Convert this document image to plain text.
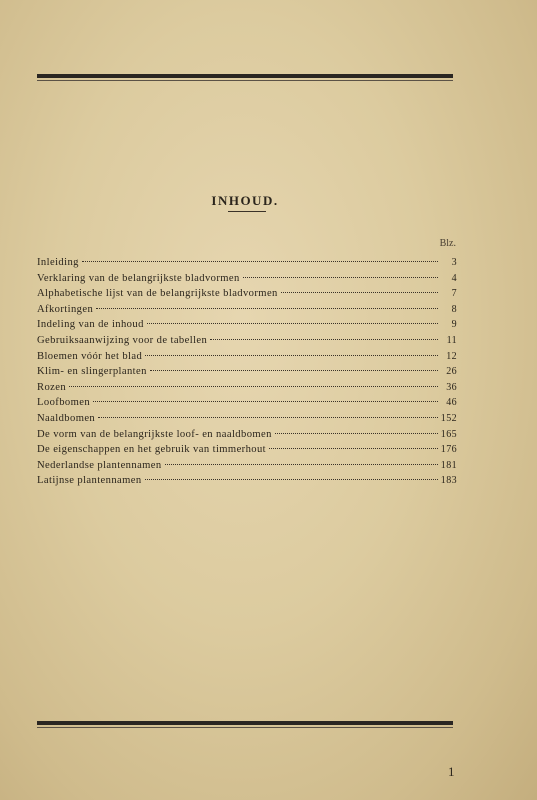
INHOUD.
Blz.
Inleiding	3
Verklaring van de belangrijkste bladvormen	4
Alphabetische lijst van de belangrijkste bladvormen	7
Afkortingen	8
Indeling van de inhoud	9
Gebruiksaanwijzing voor de tabellen	11
Bloemen vóór het blad	12
Klim- en slingerplanten	26
Rozen	36
Loofbomen	46
Naaldbomen	152
De vorm van de belangrijkste loof- en naaldbomen	165
De eigenschappen en het gebruik van timmerhout	176
Nederlandse plantennamen	181
Latijnse plantennamen	183
1
